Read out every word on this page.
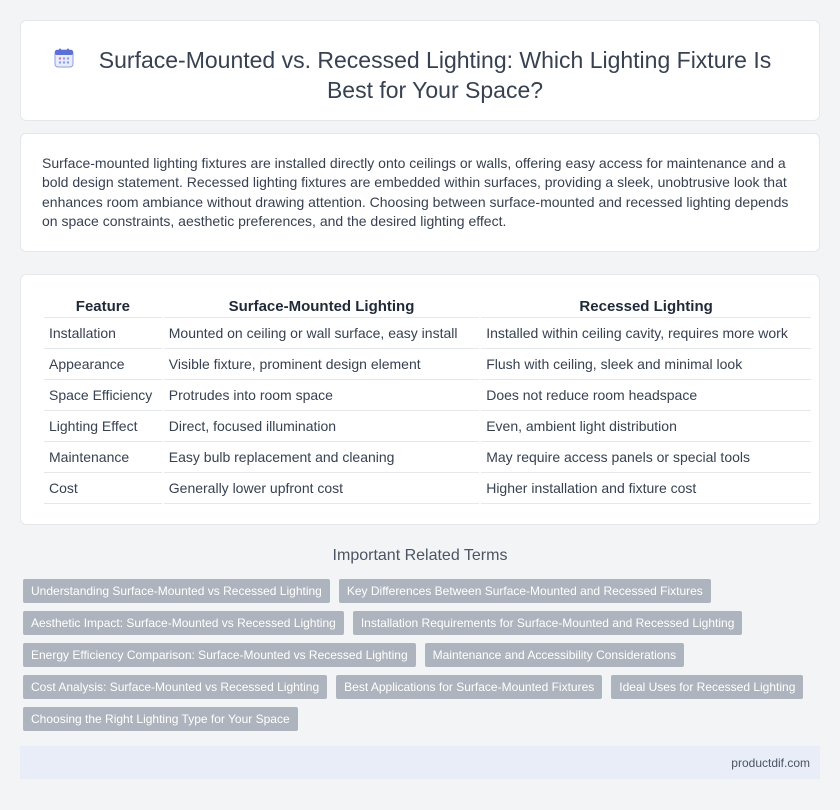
Surface-Mounted vs. Recessed Lighting: Which Lighting Fixture Is Best for Your Space?

Surface-mounted lighting fixtures are installed directly onto ceilings or walls, offering easy access for maintenance and a bold design statement. Recessed lighting fixtures are embedded within surfaces, providing a sleek, unobtrusive look that enhances room ambiance without drawing attention. Choosing between surface-mounted and recessed lighting depends on space constraints, aesthetic preferences, and the desired lighting effect.

Feature	Surface-Mounted Lighting	Recessed Lighting
Installation	Mounted on ceiling or wall surface, easy install	Installed within ceiling cavity, requires more work
Appearance	Visible fixture, prominent design element	Flush with ceiling, sleek and minimal look
Space Efficiency	Protrudes into room space	Does not reduce room headspace
Lighting Effect	Direct, focused illumination	Even, ambient light distribution
Maintenance	Easy bulb replacement and cleaning	May require access panels or special tools
Cost	Generally lower upfront cost	Higher installation and fixture cost
Important Related Terms
Understanding Surface-Mounted vs Recessed Lighting	Key Differences Between Surface-Mounted and Recessed Fixtures
Aesthetic Impact: Surface-Mounted vs Recessed Lighting	Installation Requirements for Surface-Mounted and Recessed Lighting
Energy Efficiency Comparison: Surface-Mounted vs Recessed Lighting	Maintenance and Accessibility Considerations
Cost Analysis: Surface-Mounted vs Recessed Lighting	Best Applications for Surface-Mounted Fixtures	Ideal Uses for Recessed Lighting
Choosing the Right Lighting Type for Your Space
productdif.com
